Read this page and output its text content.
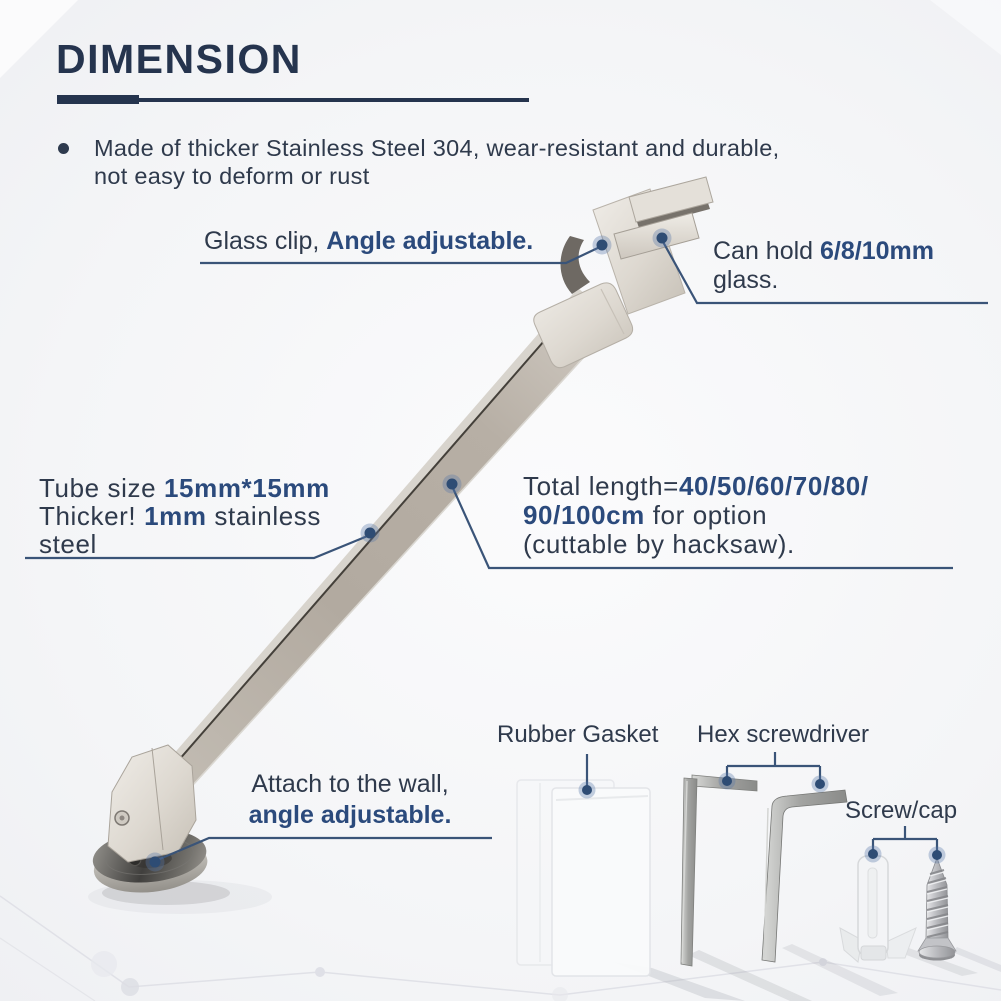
DIMENSION
Made of thicker Stainless Steel 304, wear-resistant and durable,
not easy to deform or rust
Glass clip, Angle adjustable.	Can hold 6/8/10mm
glass.
Tube size 15mm*15mm
Thicker! 1mm stainless
steel
Total length=40/50/60/70/80/
90/100cm for option
(cuttable by hacksaw).
Attach to the wall,
angle adjustable.
Rubber Gasket Hex screwdriver
Screw/cap
